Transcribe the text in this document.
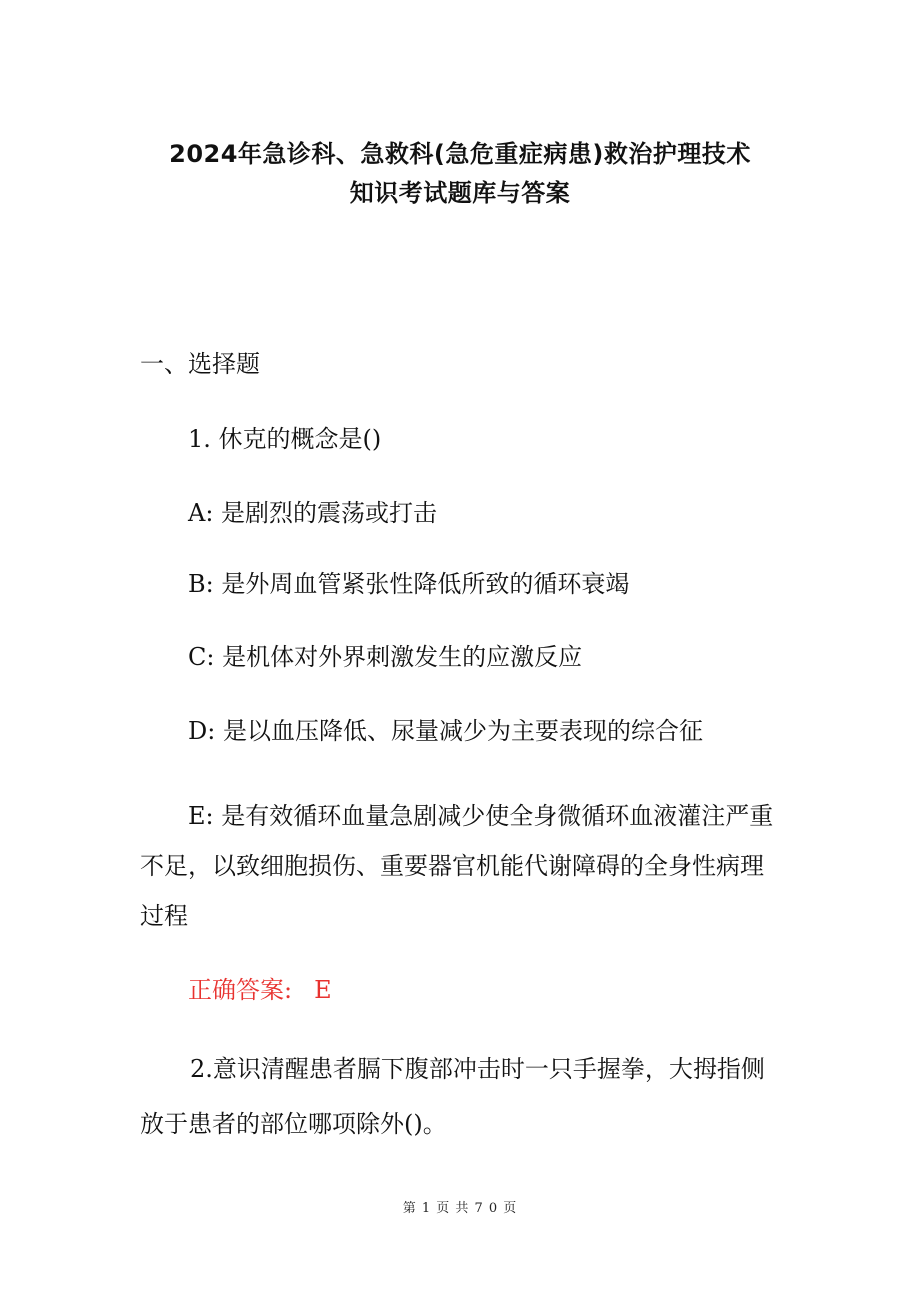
2024年急诊科、急救科(急危重症病患)救治护理技术
知识考试题库与答案
一、选择题
1. 休克的概念是()
A: 是剧烈的震荡或打击
B: 是外周血管紧张性降低所致的循环衰竭
C: 是机体对外界刺激发生的应激反应
D: 是以血压降低、尿量减少为主要表现的综合征

E: 是有效循环血量急剧减少使全身微循环血液灌注严重不足，以致细胞损伤、重要器官机能代谢障碍的全身性病理过程

正确答案: E

2.意识清醒患者膈下腹部冲击时一只手握拳，大拇指侧放于患者的部位哪项除外()。

第 1 页 共 7 0 页
